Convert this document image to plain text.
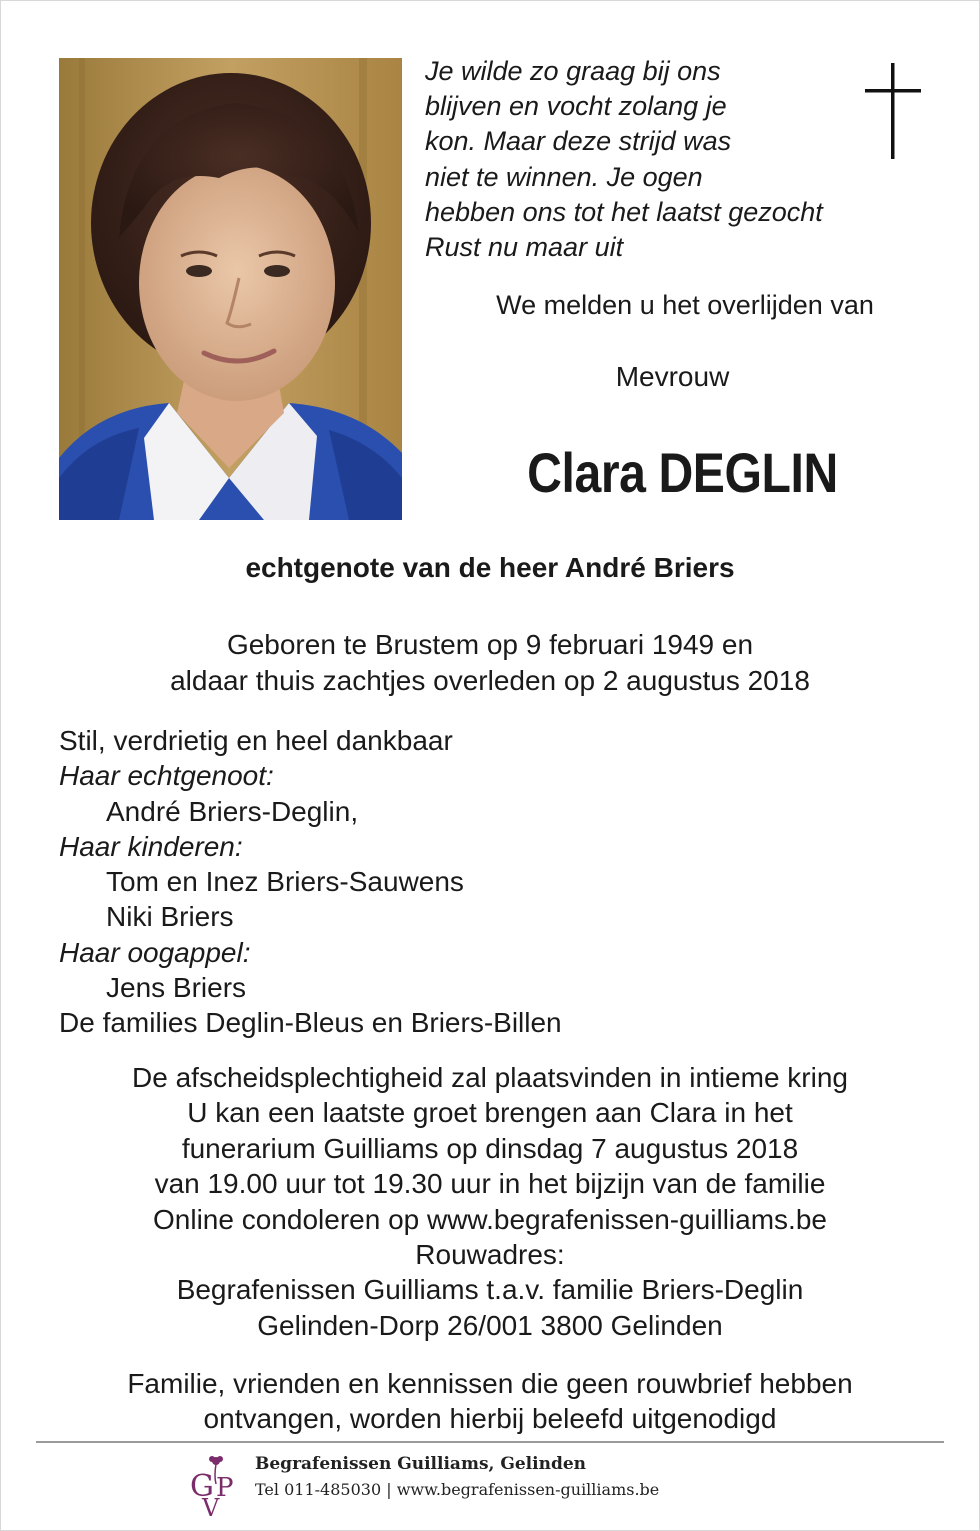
Je wilde zo graag bij ons
blijven en vocht zolang je
kon. Maar deze strijd was
niet te winnen. Je ogen
hebben ons tot het laatst gezocht
Rust nu maar uit
We melden u het overlijden van
Mevrouw
Clara DEGLIN
echtgenote van de heer André Briers
Geboren te Brustem op 9 februari 1949 en
aldaar thuis zachtjes overleden op 2 augustus 2018
Stil, verdrietig en heel dankbaar
Haar echtgenoot:
André Briers-Deglin,
Haar kinderen:
Tom en Inez Briers-Sauwens
Niki Briers
Haar oogappel:
Jens Briers
De families Deglin-Bleus en Briers-Billen
De afscheidsplechtigheid zal plaatsvinden in intieme kring
U kan een laatste groet brengen aan Clara in het
funerarium Guilliams op dinsdag 7 augustus 2018
van 19.00 uur tot 19.30 uur in het bijzijn van de familie
Online condoleren op www.begrafenissen-guilliams.be
Rouwadres:
Begrafenissen Guilliams t.a.v. familie Briers-Deglin
Gelinden-Dorp 26/001 3800 Gelinden
Familie, vrienden en kennissen die geen rouwbrief hebben
ontvangen, worden hierbij beleefd uitgenodigd
G P
V
Begrafenissen Guilliams, Gelinden
Tel 011-485030 | www.begrafenissen-guilliams.be
